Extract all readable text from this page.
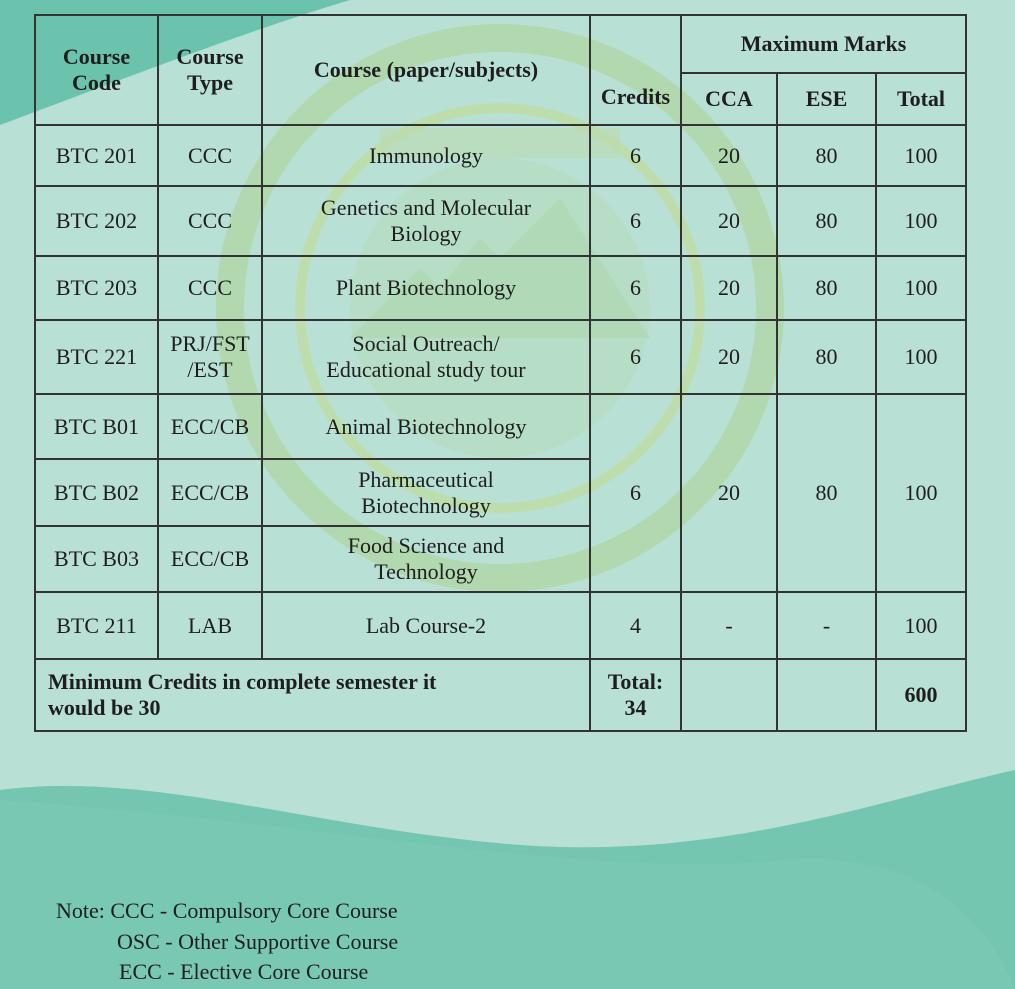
Course Code	Course Type	Course (paper/subjects)	Credits	Maximum Marks		
				CCA	ESE	Total
BTC 201	CCC	Immunology	6	20	80	100
BTC 202	CCC	Genetics and Molecular Biology	6	20	80	100
BTC 203	CCC	Plant Biotechnology	6	20	80	100
BTC 221	PRJ/FST /EST	Social Outreach/ Educational study tour	6	20	80	100
BTC B01	ECC/CB	Animal Biotechnology	6	20	80	100
BTC B02	ECC/CB	Pharmaceutical Biotechnology				
BTC B03	ECC/CB	Food Science and Technology				
BTC 211	LAB	Lab Course-2	4	-	-	100
Minimum Credits in complete semester it would be 30			Total: 34			600
Note: CCC - Compulsory Core Course
OSC - Other Supportive Course
ECC - Elective Core Course
